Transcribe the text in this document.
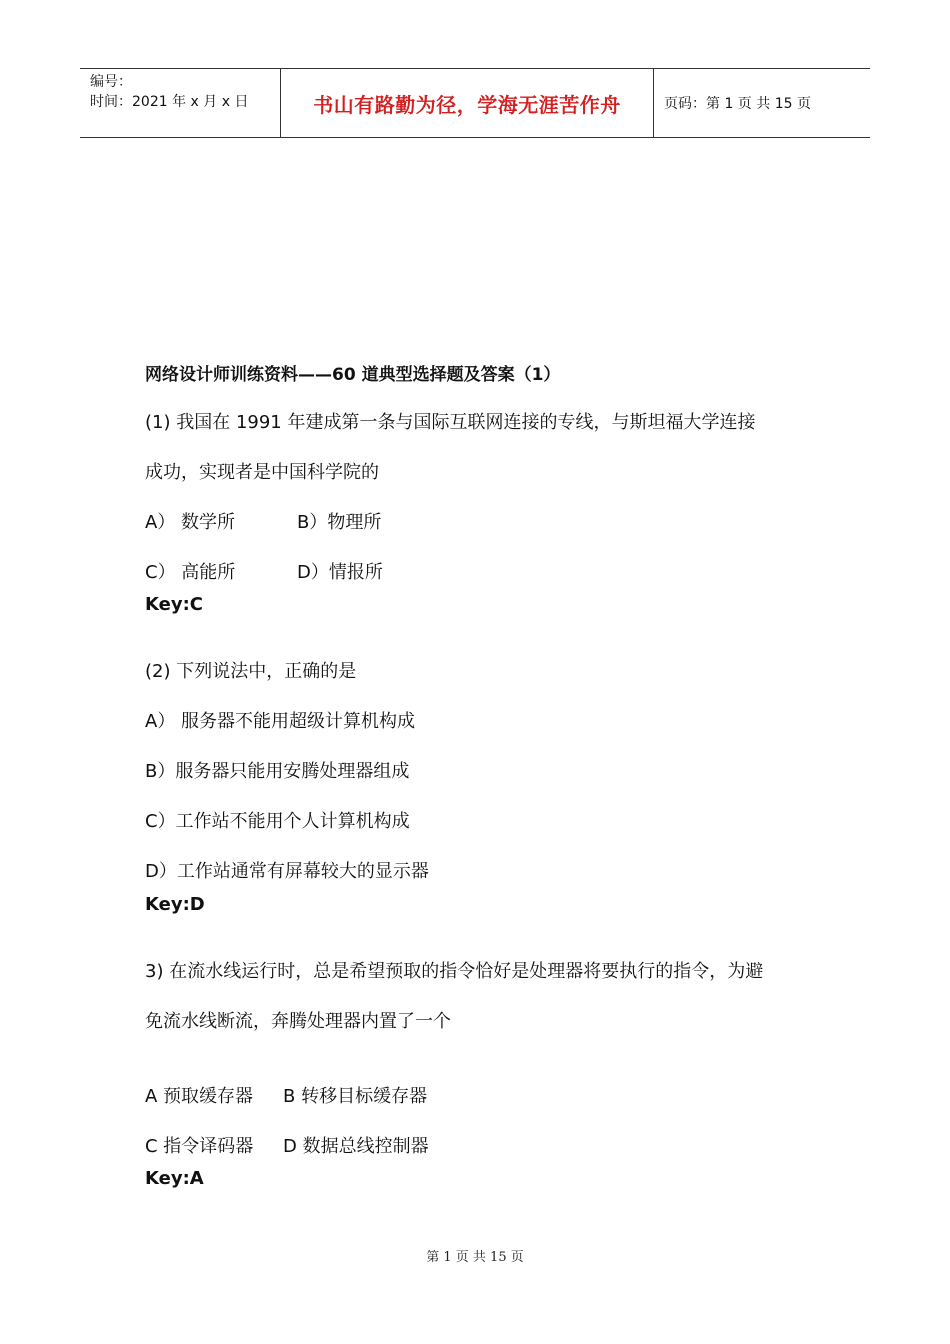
编号：
时间：2021 年 x 月 x 日	书山有路勤为径，学海无涯苦作舟	页码：第 1 页 共 15 页
网络设计师训练资料——60 道典型选择题及答案（1）
(1) 我国在 1991 年建成第一条与国际互联网连接的专线，与斯坦福大学连接
成功，实现者是中国科学院的
A） 数学所	B）物理所
C） 高能所	D）情报所
Key:C
(2) 下列说法中，正确的是
A） 服务器不能用超级计算机构成
B）服务器只能用安腾处理器组成
C）工作站不能用个人计算机构成
D）工作站通常有屏幕较大的显示器
Key:D
3) 在流水线运行时，总是希望预取的指令恰好是处理器将要执行的指令，为避
免流水线断流，奔腾处理器内置了一个
A 预取缓存器 B 转移目标缓存器
C 指令译码器 D 数据总线控制器
Key:A
第 1 页 共 15 页
